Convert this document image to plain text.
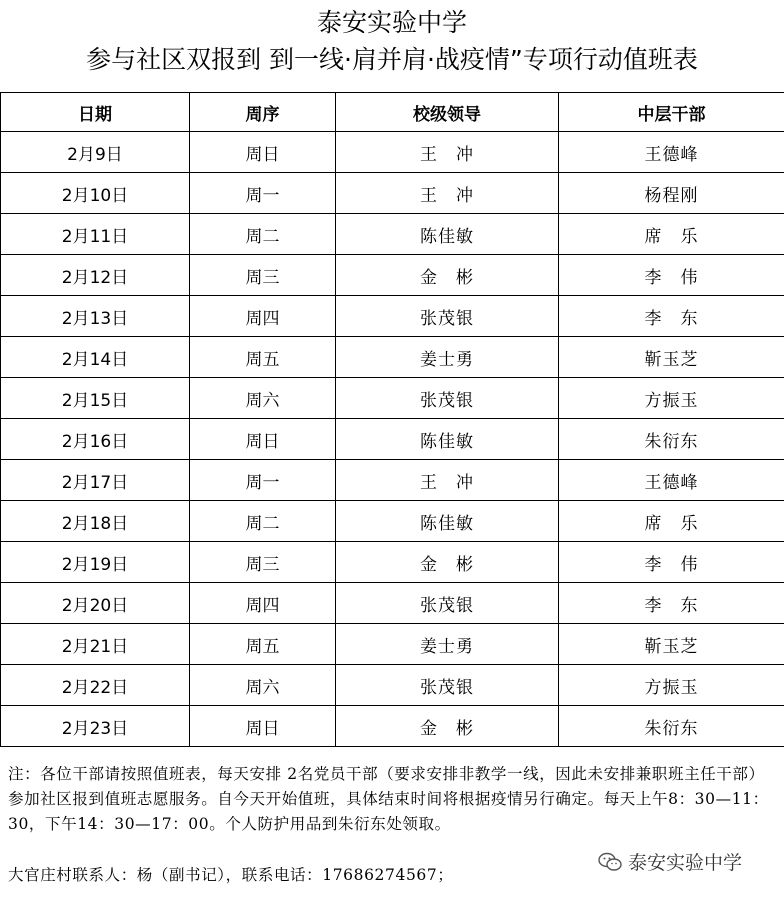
泰安实验中学
参与社区双报到 到一线·肩并肩·战疫情”专项行动值班表
日期	周序	校级领导	中层干部
2月9日	周日	王　冲	王德峰
2月10日	周一	王　冲	杨程刚
2月11日	周二	陈佳敏	席　乐
2月12日	周三	金　彬	李　伟
2月13日	周四	张茂银	李　东
2月14日	周五	姜士勇	靳玉芝
2月15日	周六	张茂银	方振玉
2月16日	周日	陈佳敏	朱衍东
2月17日	周一	王　冲	王德峰
2月18日	周二	陈佳敏	席　乐
2月19日	周三	金　彬	李　伟
2月20日	周四	张茂银	李　东
2月21日	周五	姜士勇	靳玉芝
2月22日	周六	张茂银	方振玉
2月23日	周日	金　彬	朱衍东
注：各位干部请按照值班表，每天安排 2名党员干部（要求安排非教学一线，因此未安排兼职班主任干部）参加社区报到值班志愿服务。自今天开始值班，具体结束时间将根据疫情另行确定。每天上午8：30—11：30，下午14：30—17：00。个人防护用品到朱衍东处领取。
大官庄村联系人：杨（副书记），联系电话：17686274567；
泰安实验中学
